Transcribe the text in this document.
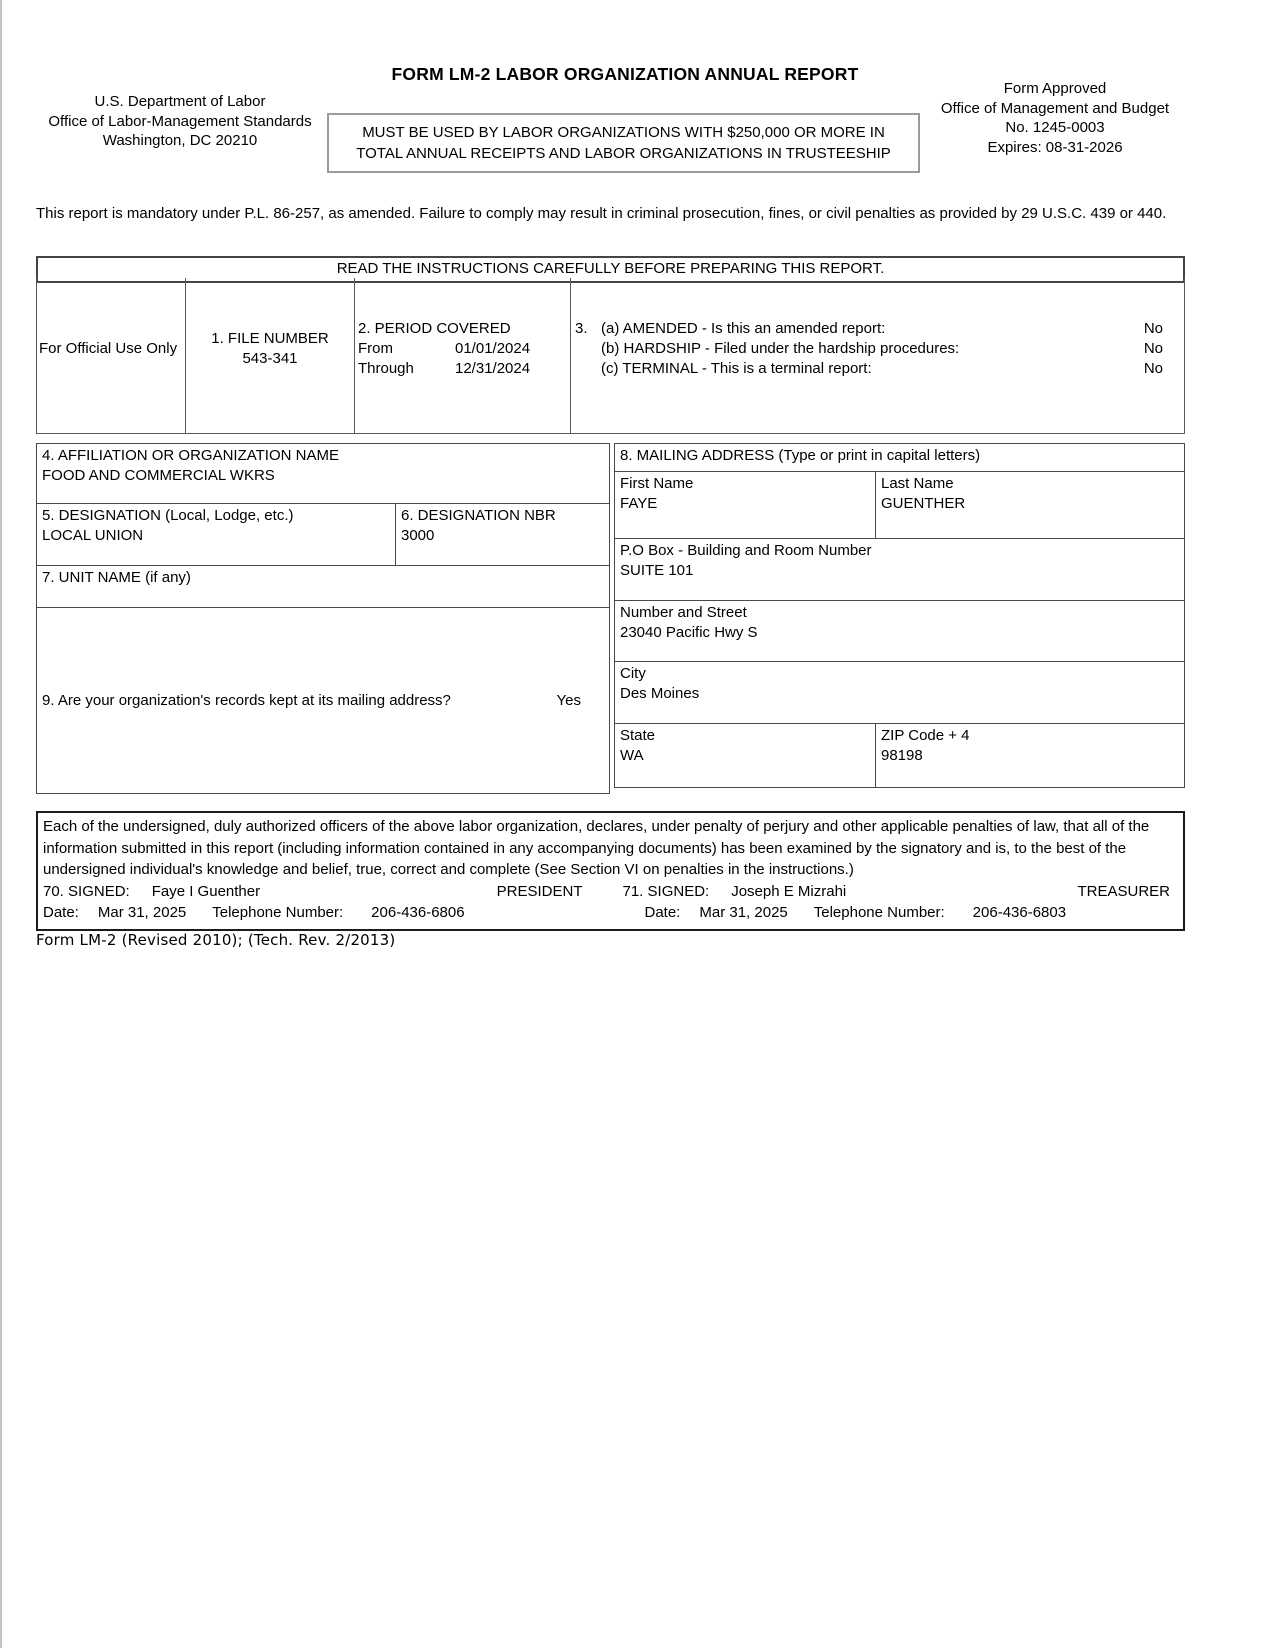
FORM LM-2 LABOR ORGANIZATION ANNUAL REPORT
U.S. Department of Labor
Office of Labor-Management Standards
Washington, DC 20210	MUST BE USED BY LABOR ORGANIZATIONS WITH $250,000 OR MORE IN
TOTAL ANNUAL RECEIPTS AND LABOR ORGANIZATIONS IN TRUSTEESHIP
Form Approved
Office of Management and Budget
No. 1245-0003
Expires: 08-31-2026
This report is mandatory under P.L. 86-257, as amended. Failure to comply may result in criminal prosecution, fines, or civil penalties as provided by 29 U.S.C. 439 or 440.
READ THE INSTRUCTIONS CAREFULLY BEFORE PREPARING THIS REPORT.
For Official Use Only
1. FILE NUMBER
543-341
2. PERIOD COVERED
From	01/01/2024
Through	12/31/2024
3. (a) AMENDED - Is this an amended report:	No
(b) HARDSHIP - Filed under the hardship procedures:	No
(c) TERMINAL - This is a terminal report:	No
4. AFFILIATION OR ORGANIZATION NAME
FOOD AND COMMERCIAL WKRS
5. DESIGNATION (Local, Lodge, etc.)
LOCAL UNION
6. DESIGNATION NBR
3000
7. UNIT NAME (if any)
9. Are your organization's records kept at its mailing address?	Yes
8. MAILING ADDRESS (Type or print in capital letters)
First Name
FAYE
Last Name
GUENTHER
P.O Box - Building and Room Number
SUITE 101
Number and Street
23040 Pacific Hwy S
City
Des Moines
State
WA
ZIP Code + 4
98198
Each of the undersigned, duly authorized officers of the above labor organization, declares, under penalty of perjury and other applicable penalties of law, that all of the information submitted in this report (including information contained in any accompanying documents) has been examined by the signatory and is, to the best of the undersigned individual's knowledge and belief, true, correct and complete (See Section VI on penalties in the instructions.)
70. SIGNED: Faye I Guenther	PRESIDENT	71. SIGNED: Joseph E Mizrahi	TREASURER
Date: Mar 31, 2025 Telephone Number: 206-436-6806	Date: Mar 31, 2025 Telephone Number: 206-436-6803
Form LM-2 (Revised 2010); (Tech. Rev. 2/2013)
